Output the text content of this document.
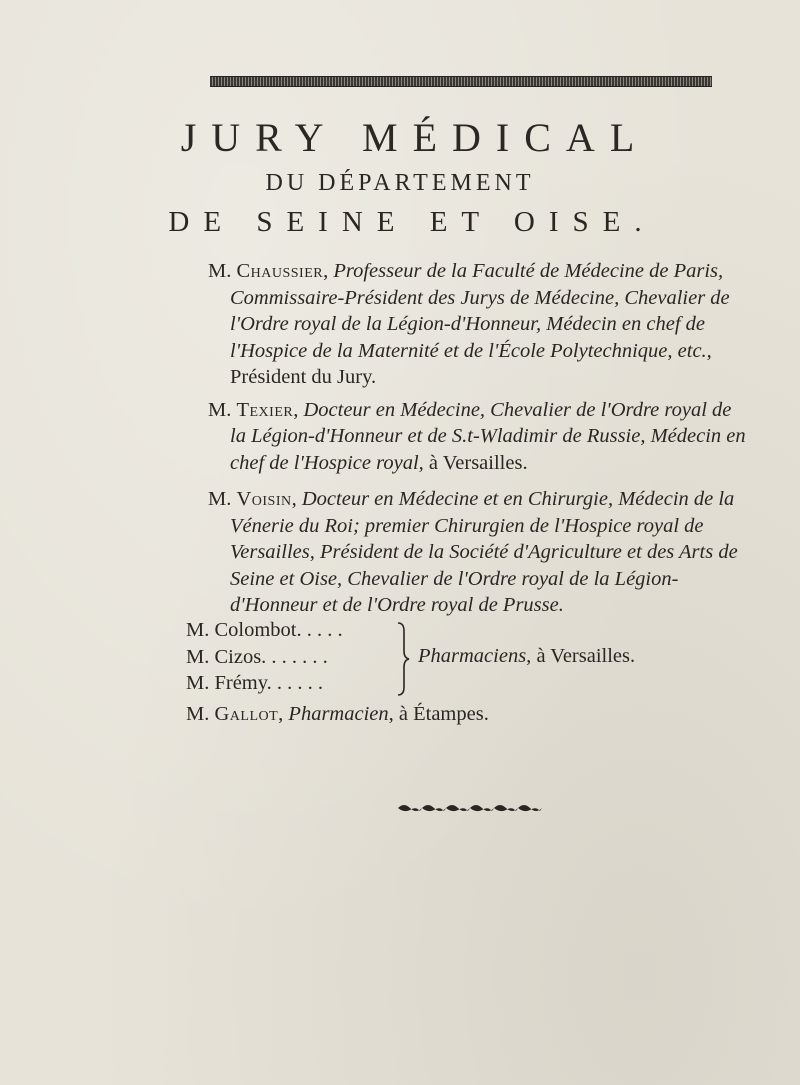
JURY MÉDICAL
DU DÉPARTEMENT
DE SEINE ET OISE.

M. Chaussier, Professeur de la Faculté de Médecine de Paris, Commissaire-Président des Jurys de Médecine, Chevalier de l'Ordre royal de la Légion-d'Honneur, Médecin en chef de l'Hospice de la Maternité et de l'École Polytechnique, etc., Président du Jury.

M. Texier, Docteur en Médecine, Chevalier de l'Ordre royal de la Légion-d'Honneur et de S.t-Wladimir de Russie, Médecin en chef de l'Hospice royal, à Versailles.

M. Voisin, Docteur en Médecine et en Chirurgie, Médecin de la Vénerie du Roi; premier Chirurgien de l'Hospice royal de Versailles, Président de la Société d'Agriculture et des Arts de Seine et Oise, Chevalier de l'Ordre royal de la Légion-d'Honneur et de l'Ordre royal de Prusse.

M. Colombot. . . . .
M. Cizos. . . . . . .
M. Frémy. . . . . .
Pharmaciens, à Versailles.
M. Gallot, Pharmacien, à Étampes.
